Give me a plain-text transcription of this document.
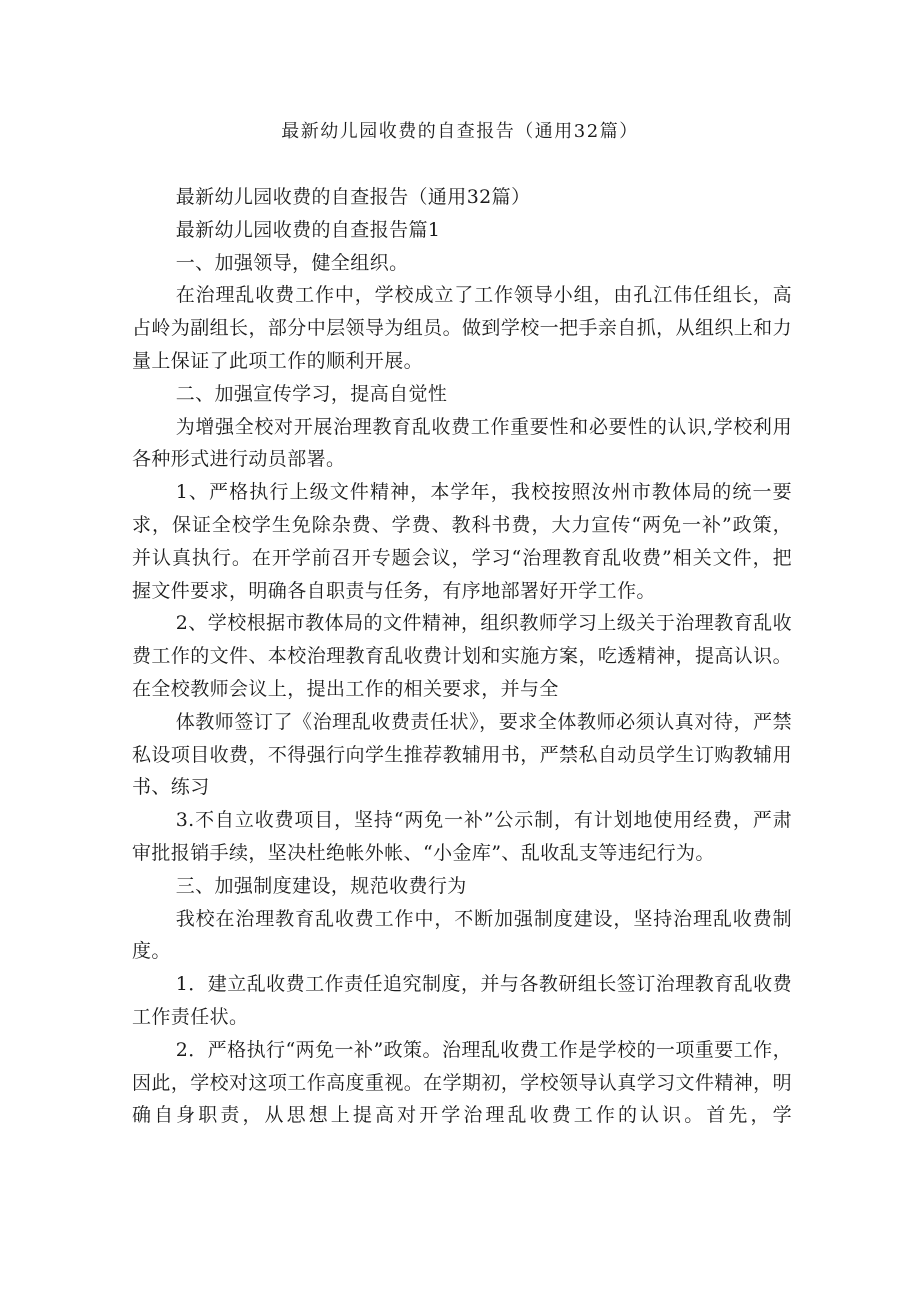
最新幼儿园收费的自查报告（通用32篇）

最新幼儿园收费的自查报告（通用32篇）

最新幼儿园收费的自查报告篇1

一、加强领导，健全组织。

在治理乱收费工作中，学校成立了工作领导小组，由孔江伟任组长，高占岭为副组长，部分中层领导为组员。做到学校一把手亲自抓，从组织上和力量上保证了此项工作的顺利开展。

二、加强宣传学习，提高自觉性

为增强全校对开展治理教育乱收费工作重要性和必要性的认识,学校利用各种形式进行动员部署。

1、严格执行上级文件精神，本学年，我校按照汝州市教体局的统一要求，保证全校学生免除杂费、学费、教科书费，大力宣传“两免一补”政策，并认真执行。在开学前召开专题会议，学习“治理教育乱收费”相关文件，把握文件要求，明确各自职责与任务，有序地部署好开学工作。

2、学校根据市教体局的文件精神，组织教师学习上级关于治理教育乱收费工作的文件、本校治理教育乱收费计划和实施方案，吃透精神，提高认识。在全校教师会议上，提出工作的相关要求，并与全

体教师签订了《治理乱收费责任状》，要求全体教师必须认真对待，严禁私设项目收费，不得强行向学生推荐教辅用书，严禁私自动员学生订购教辅用书、练习

3.不自立收费项目，坚持“两免一补”公示制，有计划地使用经费，严肃审批报销手续，坚决杜绝帐外帐、“小金库”、乱收乱支等违纪行为。

三、加强制度建设，规范收费行为

我校在治理教育乱收费工作中，不断加强制度建设，坚持治理乱收费制度。

1．建立乱收费工作责任追究制度，并与各教研组长签订治理教育乱收费工作责任状。

2．严格执行“两免一补”政策。治理乱收费工作是学校的一项重要工作，因此，学校对这项工作高度重视。在学期初，学校领导认真学习文件精神，明确自身职责，从思想上提高对开学治理乱收费工作的认识。首先，学
